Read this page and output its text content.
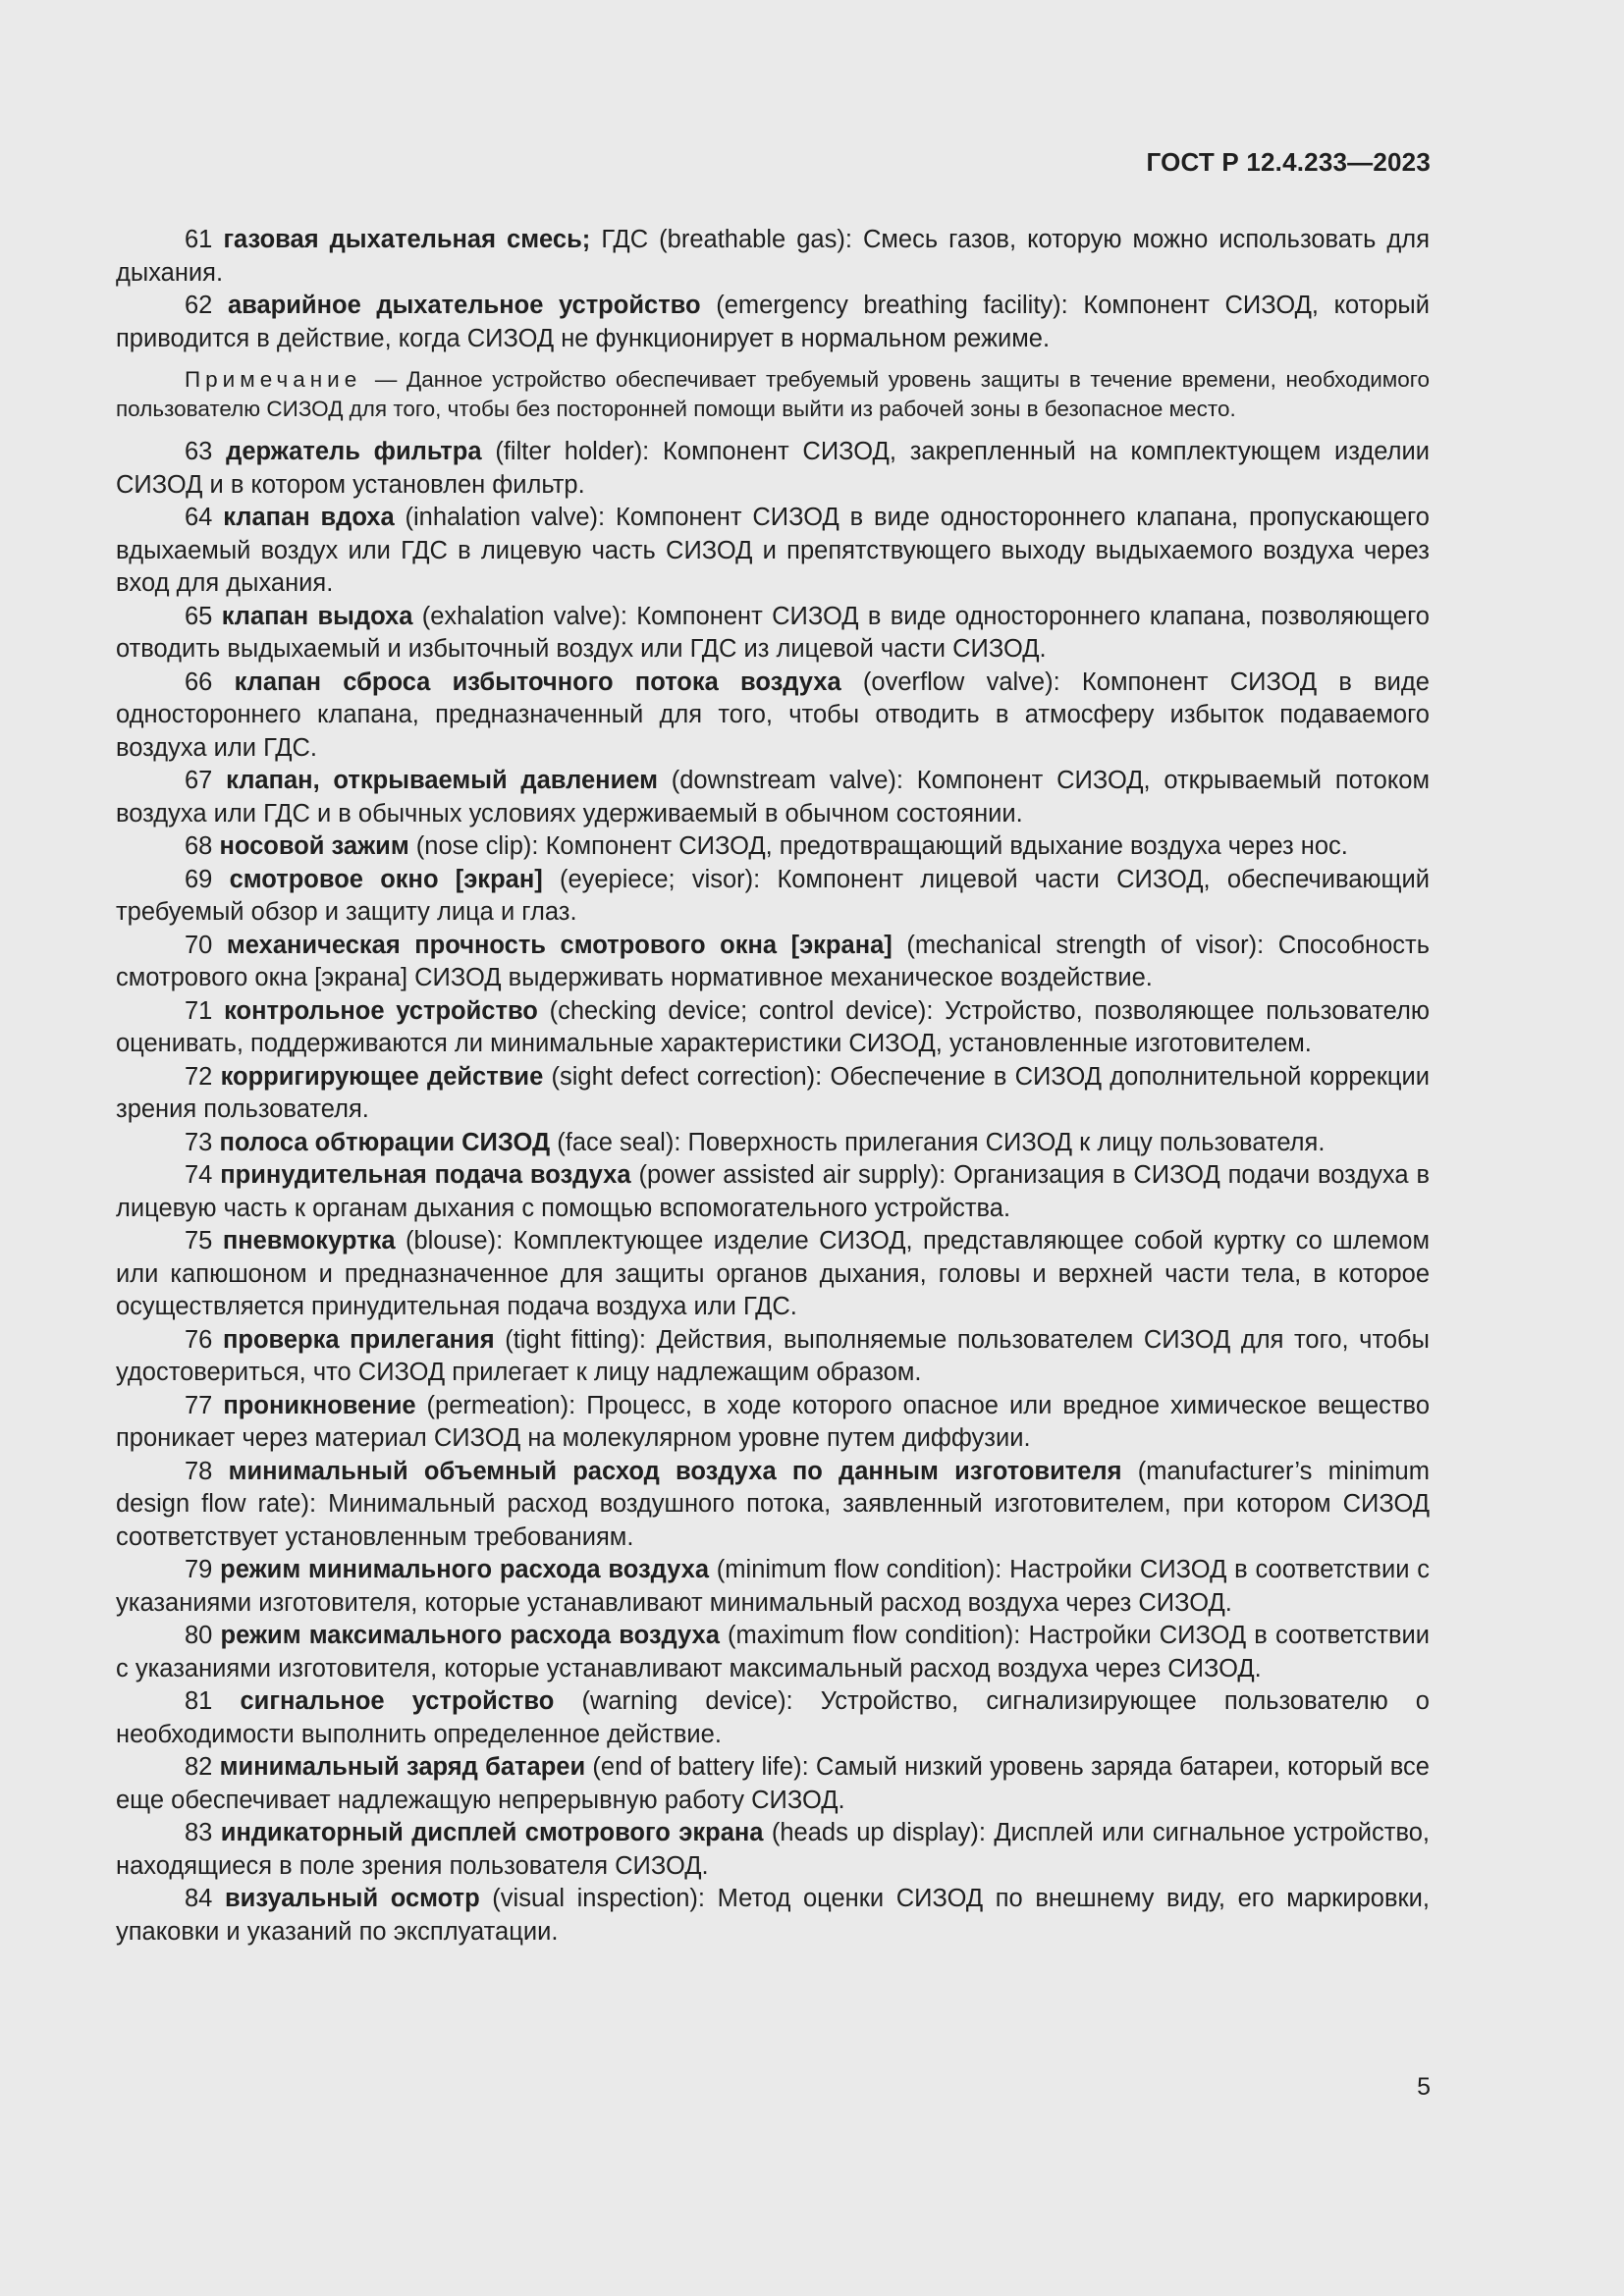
ГОСТ Р 12.4.233—2023

61 газовая дыхательная смесь; ГДС (breathable gas): Смесь газов, которую можно использовать для дыхания.

62 аварийное дыхательное устройство (emergency breathing facility): Компонент СИЗОД, который приводится в действие, когда СИЗОД не функционирует в нормальном режиме.

Примечание — Данное устройство обеспечивает требуемый уровень защиты в течение времени, необходимого пользователю СИЗОД для того, чтобы без посторонней помощи выйти из рабочей зоны в безопасное место.

63 держатель фильтра (filter holder): Компонент СИЗОД, закрепленный на комплектующем изделии СИЗОД и в котором установлен фильтр.

64 клапан вдоха (inhalation valve): Компонент СИЗОД в виде одностороннего клапана, пропускающего вдыхаемый воздух или ГДС в лицевую часть СИЗОД и препятствующего выходу выдыхаемого воздуха через вход для дыхания.

65 клапан выдоха (exhalation valve): Компонент СИЗОД в виде одностороннего клапана, позволяющего отводить выдыхаемый и избыточный воздух или ГДС из лицевой части СИЗОД.

66 клапан сброса избыточного потока воздуха (overflow valve): Компонент СИЗОД в виде одностороннего клапана, предназначенный для того, чтобы отводить в атмосферу избыток подаваемого воздуха или ГДС.

67 клапан, открываемый давлением (downstream valve): Компонент СИЗОД, открываемый потоком воздуха или ГДС и в обычных условиях удерживаемый в обычном состоянии.

68 носовой зажим (nose clip): Компонент СИЗОД, предотвращающий вдыхание воздуха через нос.

69 смотровое окно [экран] (eyepiece; visor): Компонент лицевой части СИЗОД, обеспечивающий требуемый обзор и защиту лица и глаз.

70 механическая прочность смотрового окна [экрана] (mechanical strength of visor): Способность смотрового окна [экрана] СИЗОД выдерживать нормативное механическое воздействие.

71 контрольное устройство (checking device; control device): Устройство, позволяющее пользователю оценивать, поддерживаются ли минимальные характеристики СИЗОД, установленные изготовителем.

72 корригирующее действие (sight defect correction): Обеспечение в СИЗОД дополнительной коррекции зрения пользователя.

73 полоса обтюрации СИЗОД (face seal): Поверхность прилегания СИЗОД к лицу пользователя.

74 принудительная подача воздуха (power assisted air supply): Организация в СИЗОД подачи воздуха в лицевую часть к органам дыхания с помощью вспомогательного устройства.

75 пневмокуртка (blouse): Комплектующее изделие СИЗОД, представляющее собой куртку со шлемом или капюшоном и предназначенное для защиты органов дыхания, головы и верхней части тела, в которое осуществляется принудительная подача воздуха или ГДС.

76 проверка прилегания (tight fitting): Действия, выполняемые пользователем СИЗОД для того, чтобы удостовериться, что СИЗОД прилегает к лицу надлежащим образом.

77 проникновение (permeation): Процесс, в ходе которого опасное или вредное химическое вещество проникает через материал СИЗОД на молекулярном уровне путем диффузии.

78 минимальный объемный расход воздуха по данным изготовителя (manufacturer’s minimum design flow rate): Минимальный расход воздушного потока, заявленный изготовителем, при котором СИЗОД соответствует установленным требованиям.

79 режим минимального расхода воздуха (minimum flow condition): Настройки СИЗОД в соответствии с указаниями изготовителя, которые устанавливают минимальный расход воздуха через СИЗОД.

80 режим максимального расхода воздуха (maximum flow condition): Настройки СИЗОД в соответствии с указаниями изготовителя, которые устанавливают максимальный расход воздуха через СИЗОД.

81 сигнальное устройство (warning device): Устройство, сигнализирующее пользователю о необходимости выполнить определенное действие.

82 минимальный заряд батареи (end of battery life): Самый низкий уровень заряда батареи, который все еще обеспечивает надлежащую непрерывную работу СИЗОД.

83 индикаторный дисплей смотрового экрана (heads up display): Дисплей или сигнальное устройство, находящиеся в поле зрения пользователя СИЗОД.

84 визуальный осмотр (visual inspection): Метод оценки СИЗОД по внешнему виду, его маркировки, упаковки и указаний по эксплуатации.

5
